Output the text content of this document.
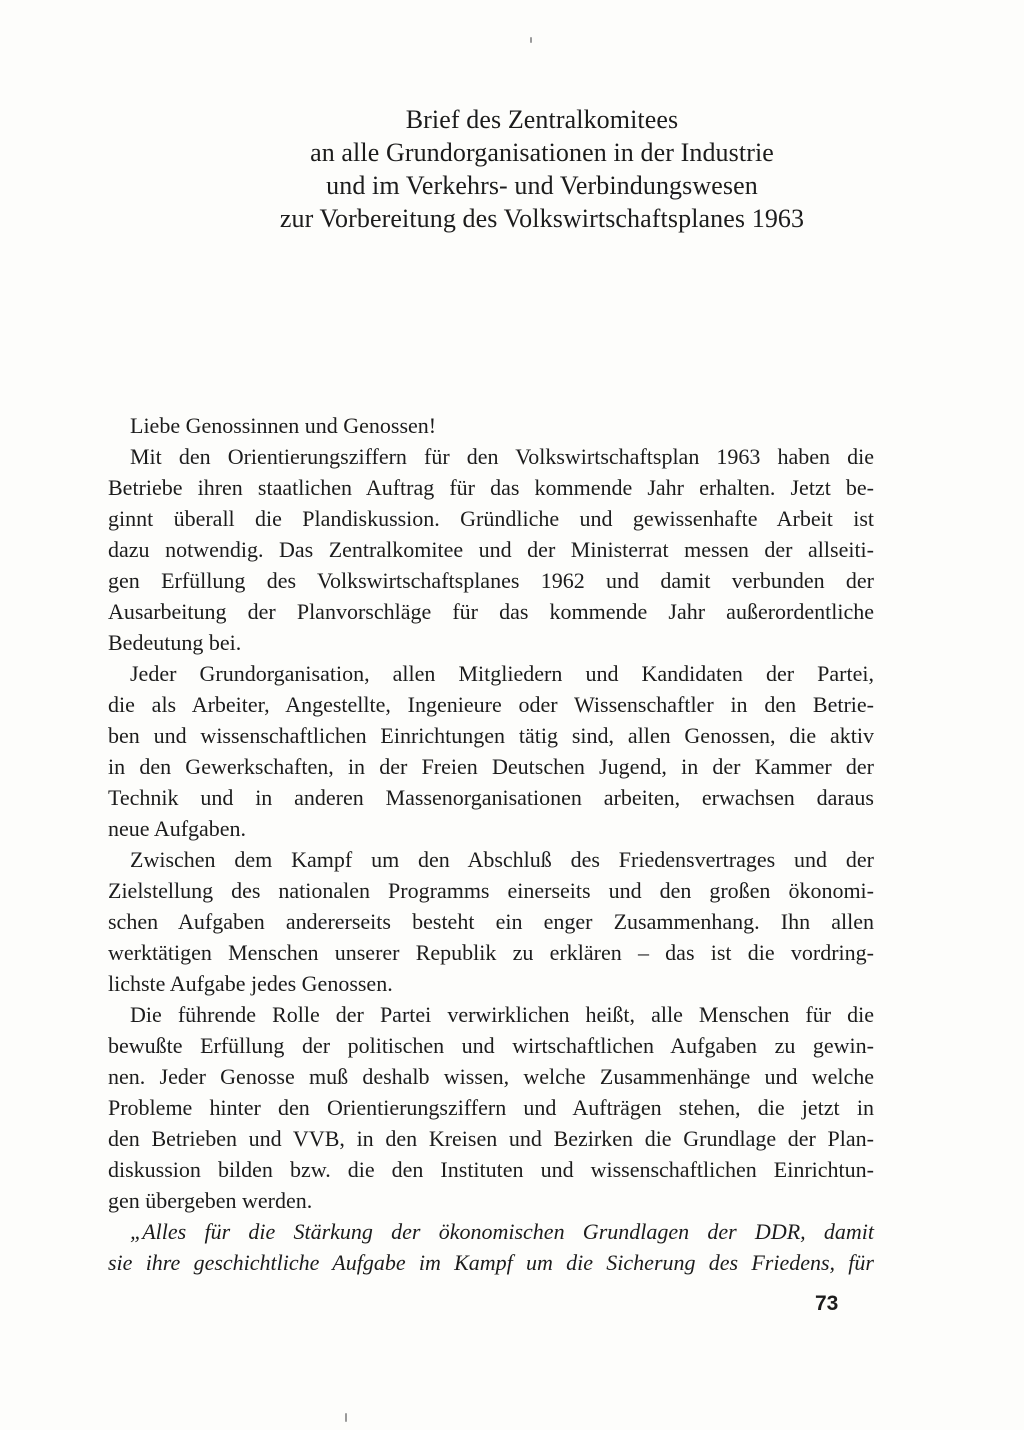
Brief des Zentralkomitees
an alle Grundorganisationen in der Industrie
und im Verkehrs- und Verbindungswesen
zur Vorbereitung des Volkswirtschaftsplanes 1963
Liebe Genossinnen und Genossen!
Mit den Orientierungsziffern für den Volkswirtschaftsplan 1963 haben die
Betriebe ihren staatlichen Auftrag für das kommende Jahr erhalten. Jetzt be-
ginnt überall die Plandiskussion. Gründliche und gewissenhafte Arbeit ist
dazu notwendig. Das Zentralkomitee und der Ministerrat messen der allseiti-
gen Erfüllung des Volkswirtschaftsplanes 1962 und damit verbunden der
Ausarbeitung der Planvorschläge für das kommende Jahr außerordentliche
Bedeutung bei.
Jeder Grundorganisation, allen Mitgliedern und Kandidaten der Partei,
die als Arbeiter, Angestellte, Ingenieure oder Wissenschaftler in den Betrie-
ben und wissenschaftlichen Einrichtungen tätig sind, allen Genossen, die aktiv
in den Gewerkschaften, in der Freien Deutschen Jugend, in der Kammer der
Technik und in anderen Massenorganisationen arbeiten, erwachsen daraus
neue Aufgaben.
Zwischen dem Kampf um den Abschluß des Friedensvertrages und der
Zielstellung des nationalen Programms einerseits und den großen ökonomi-
schen Aufgaben andererseits besteht ein enger Zusammenhang. Ihn allen
werktätigen Menschen unserer Republik zu erklären – das ist die vordring-
lichste Aufgabe jedes Genossen.
Die führende Rolle der Partei verwirklichen heißt, alle Menschen für die
bewußte Erfüllung der politischen und wirtschaftlichen Aufgaben zu gewin-
nen. Jeder Genosse muß deshalb wissen, welche Zusammenhänge und welche
Probleme hinter den Orientierungsziffern und Aufträgen stehen, die jetzt in
den Betrieben und VVB, in den Kreisen und Bezirken die Grundlage der Plan-
diskussion bilden bzw. die den Instituten und wissenschaftlichen Einrichtun-
gen übergeben werden.
„Alles für die Stärkung der ökonomischen Grundlagen der DDR, damit
sie ihre geschichtliche Aufgabe im Kampf um die Sicherung des Friedens, für
73
